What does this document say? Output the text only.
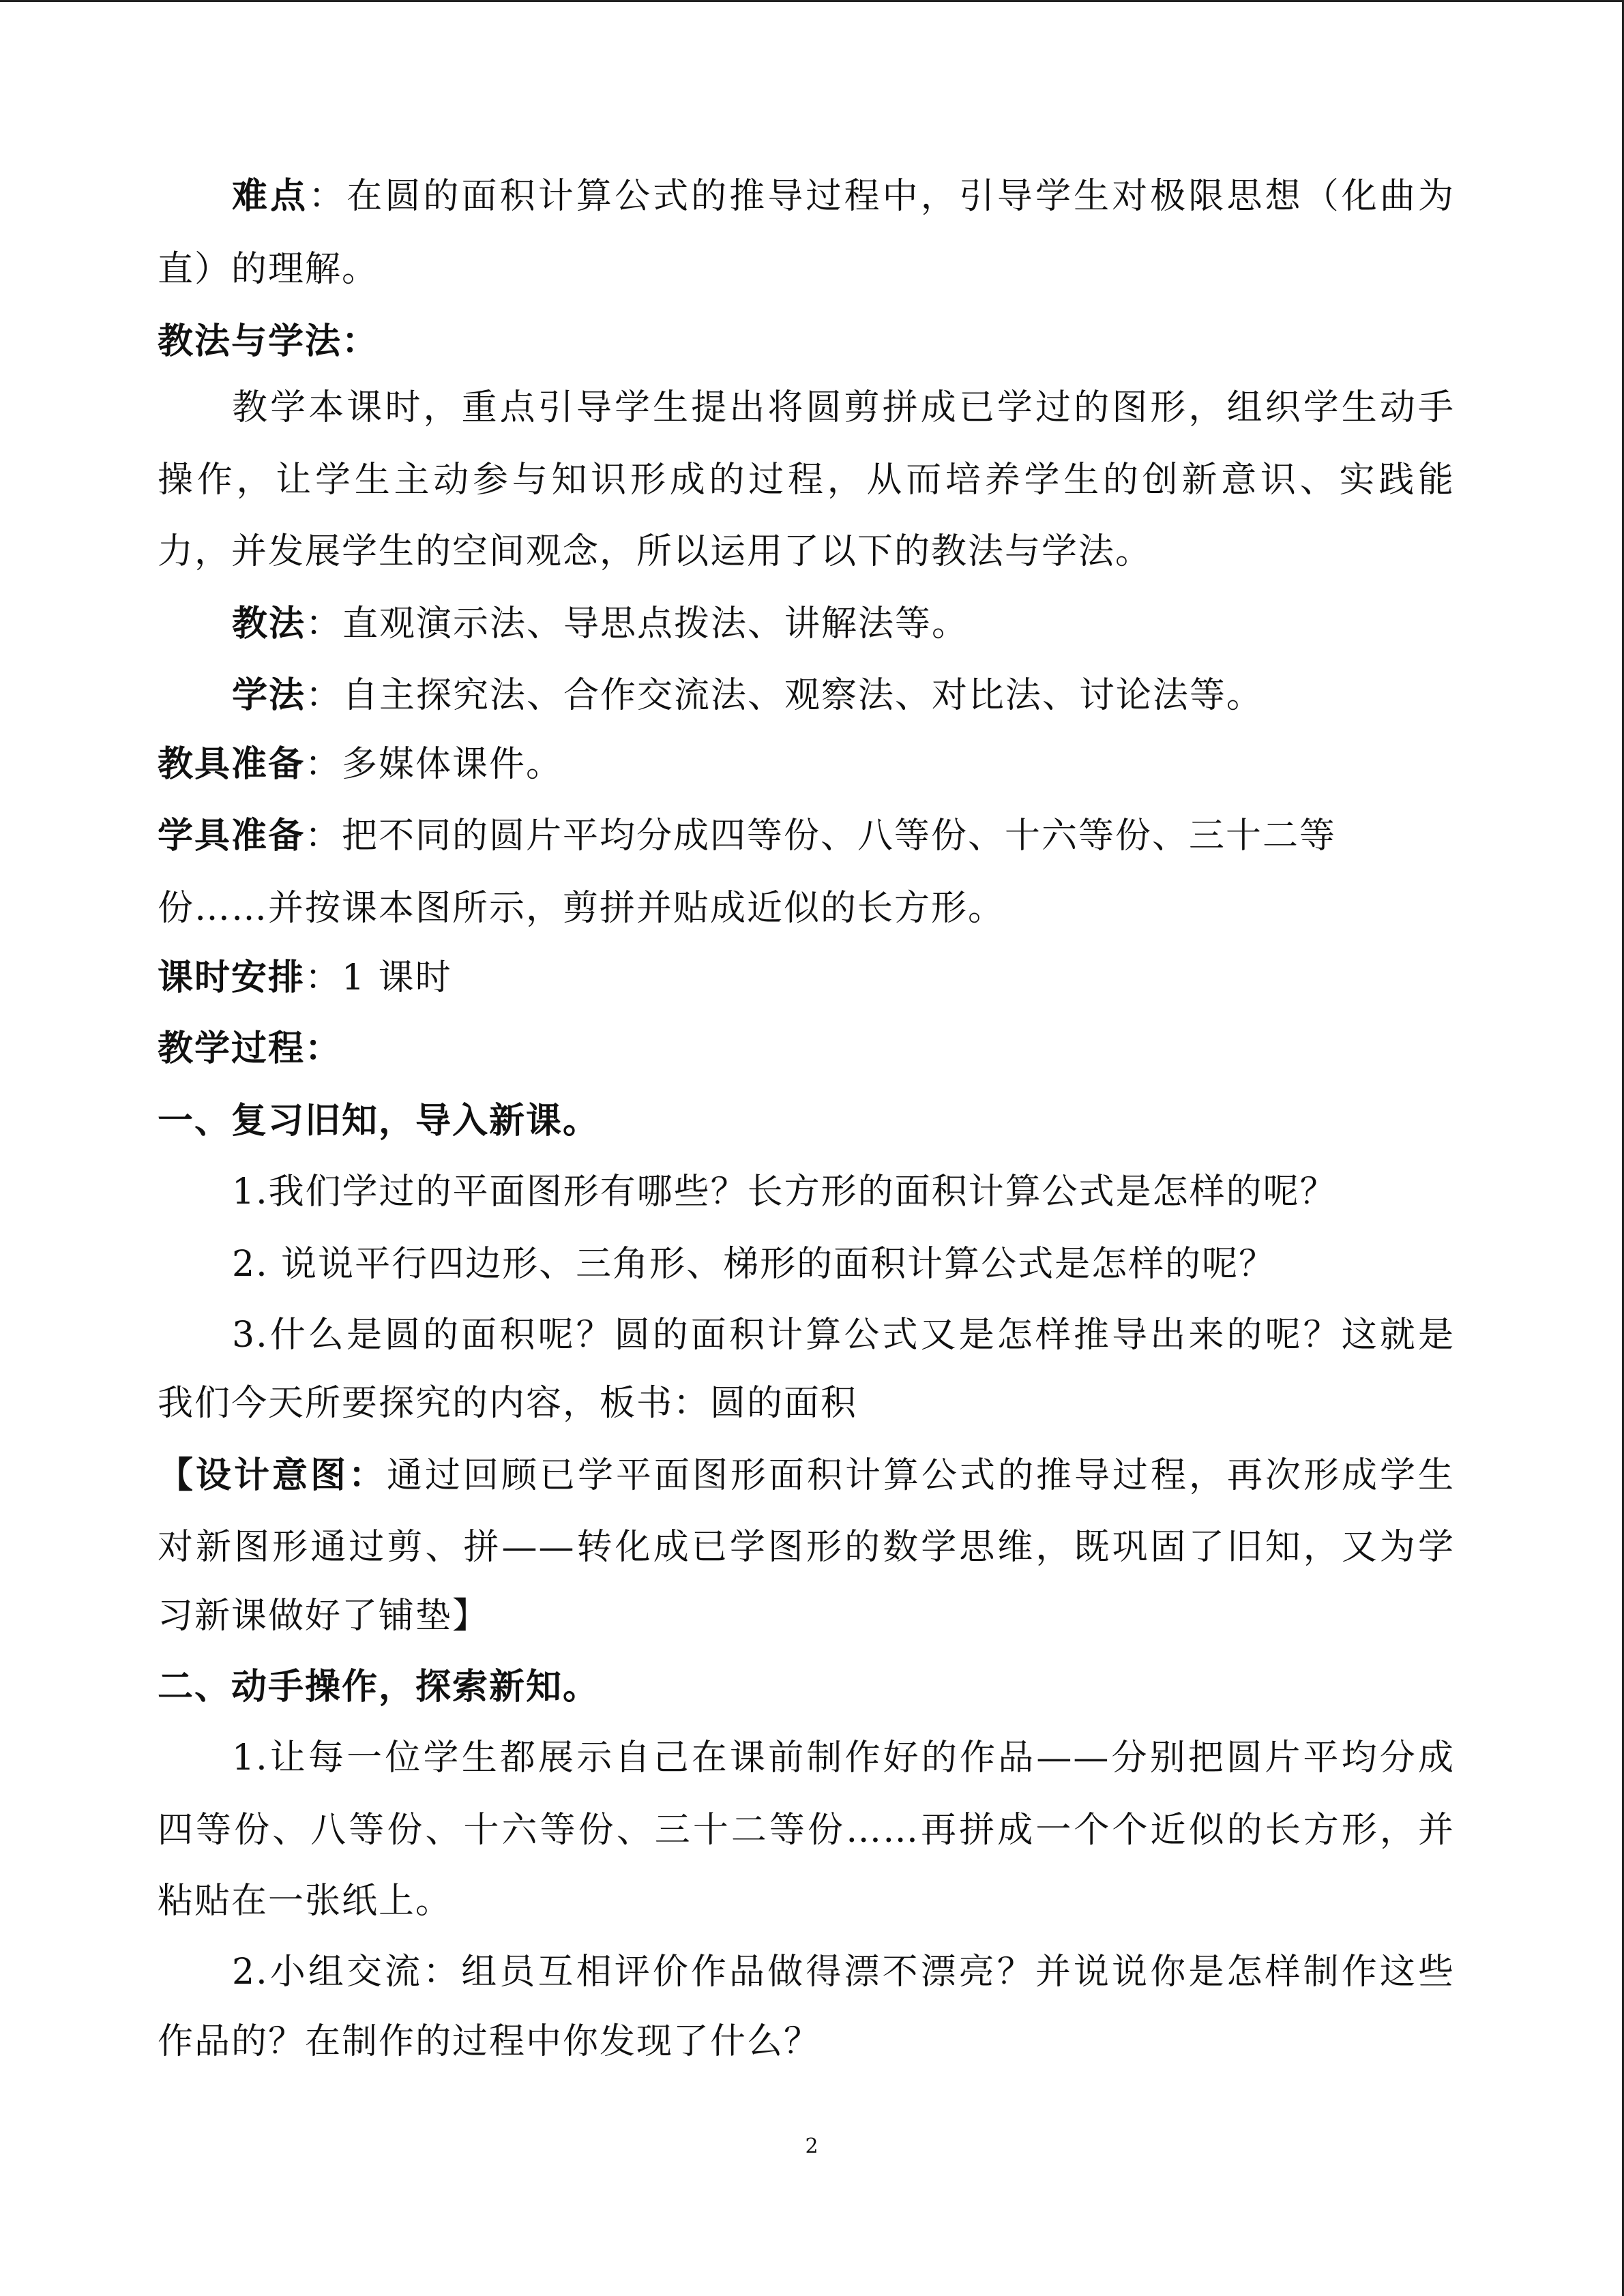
难点：在圆的面积计算公式的推导过程中，引导学生对极限思想（化曲为
直）的理解。
教法与学法：
教学本课时，重点引导学生提出将圆剪拼成已学过的图形，组织学生动手
操作，让学生主动参与知识形成的过程，从而培养学生的创新意识、实践能
力，并发展学生的空间观念，所以运用了以下的教法与学法。
教法：直观演示法、导思点拨法、讲解法等。
学法：自主探究法、合作交流法、观察法、对比法、讨论法等。
教具准备：多媒体课件。
学具准备：把不同的圆片平均分成四等份、八等份、十六等份、三十二等
份……并按课本图所示，剪拼并贴成近似的长方形。
课时安排：1 课时
教学过程：
一、复习旧知，导入新课。
1.我们学过的平面图形有哪些？长方形的面积计算公式是怎样的呢？
2. 说说平行四边形、三角形、梯形的面积计算公式是怎样的呢？
3.什么是圆的面积呢？圆的面积计算公式又是怎样推导出来的呢？这就是
我们今天所要探究的内容，板书：圆的面积
【设计意图：通过回顾已学平面图形面积计算公式的推导过程，再次形成学生
对新图形通过剪、拼——转化成已学图形的数学思维，既巩固了旧知，又为学
习新课做好了铺垫】
二、动手操作，探索新知。
1.让每一位学生都展示自己在课前制作好的作品——分别把圆片平均分成
四等份、八等份、十六等份、三十二等份……再拼成一个个近似的长方形，并
粘贴在一张纸上。
2.小组交流：组员互相评价作品做得漂不漂亮？并说说你是怎样制作这些
作品的？在制作的过程中你发现了什么？
2
